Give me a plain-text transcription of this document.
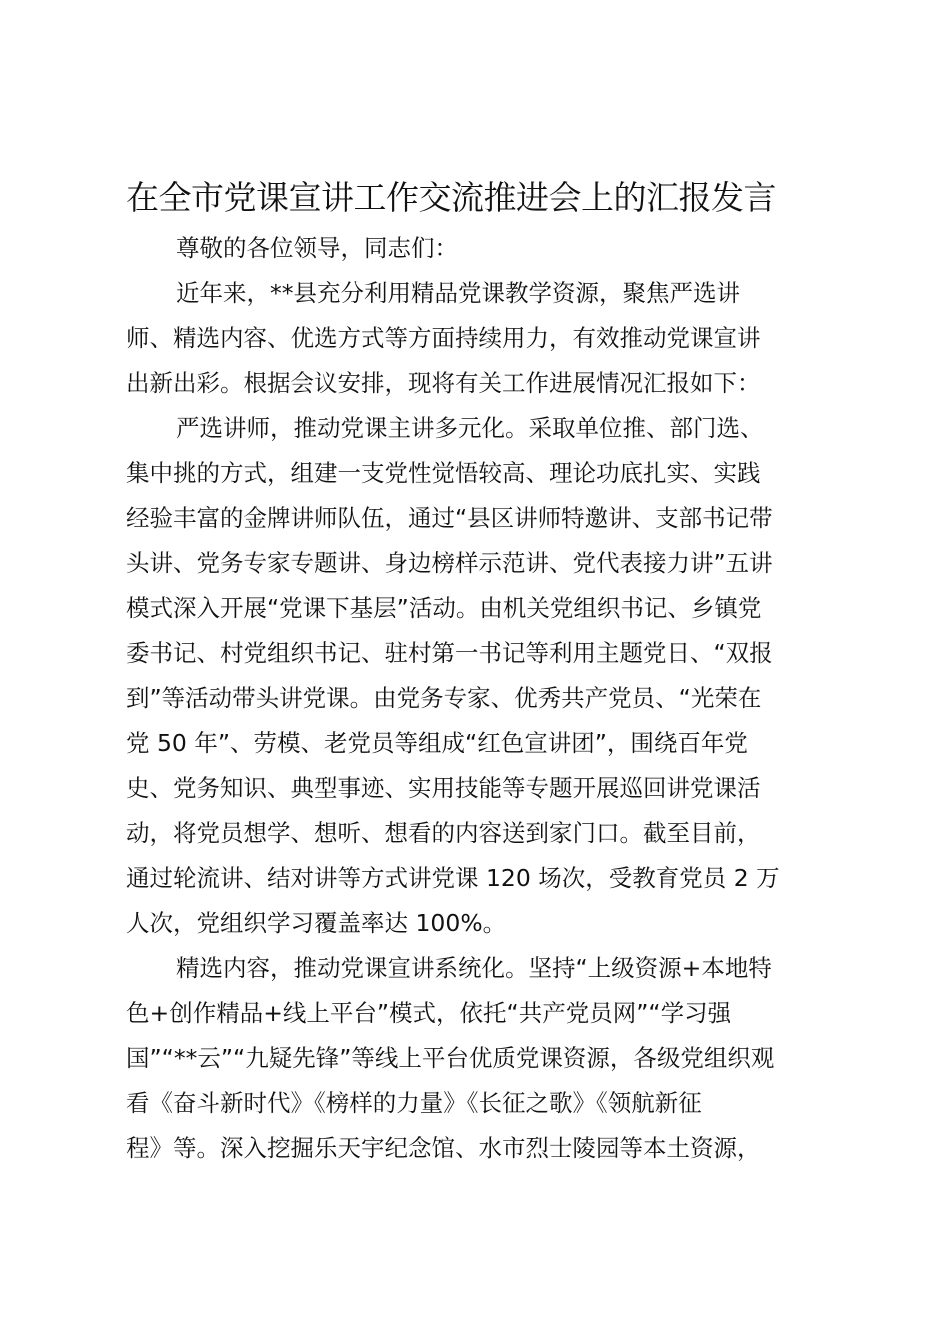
在全市党课宣讲工作交流推进会上的汇报发言
尊敬的各位领导，同志们：
近年来，**县充分利用精品党课教学资源，聚焦严选讲
师、精选内容、优选方式等方面持续用力，有效推动党课宣讲
出新出彩。根据会议安排，现将有关工作进展情况汇报如下：
严选讲师，推动党课主讲多元化。采取单位推、部门选、
集中挑的方式，组建一支党性觉悟较高、理论功底扎实、实践
经验丰富的金牌讲师队伍，通过“县区讲师特邀讲、支部书记带
头讲、党务专家专题讲、身边榜样示范讲、党代表接力讲”五讲
模式深入开展“党课下基层”活动。由机关党组织书记、乡镇党
委书记、村党组织书记、驻村第一书记等利用主题党日、“双报
到”等活动带头讲党课。由党务专家、优秀共产党员、“光荣在
党 50 年”、劳模、老党员等组成“红色宣讲团”，围绕百年党
史、党务知识、典型事迹、实用技能等专题开展巡回讲党课活
动，将党员想学、想听、想看的内容送到家门口。截至目前，
通过轮流讲、结对讲等方式讲党课 120 场次，受教育党员 2 万
人次，党组织学习覆盖率达 100%。
精选内容，推动党课宣讲系统化。坚持“上级资源+本地特
色+创作精品+线上平台”模式，依托“共产党员网”“学习强
国”“**云”“九疑先锋”等线上平台优质党课资源，各级党组织观
看《奋斗新时代》《榜样的力量》《长征之歌》《领航新征
程》等。深入挖掘乐天宇纪念馆、水市烈士陵园等本土资源，
